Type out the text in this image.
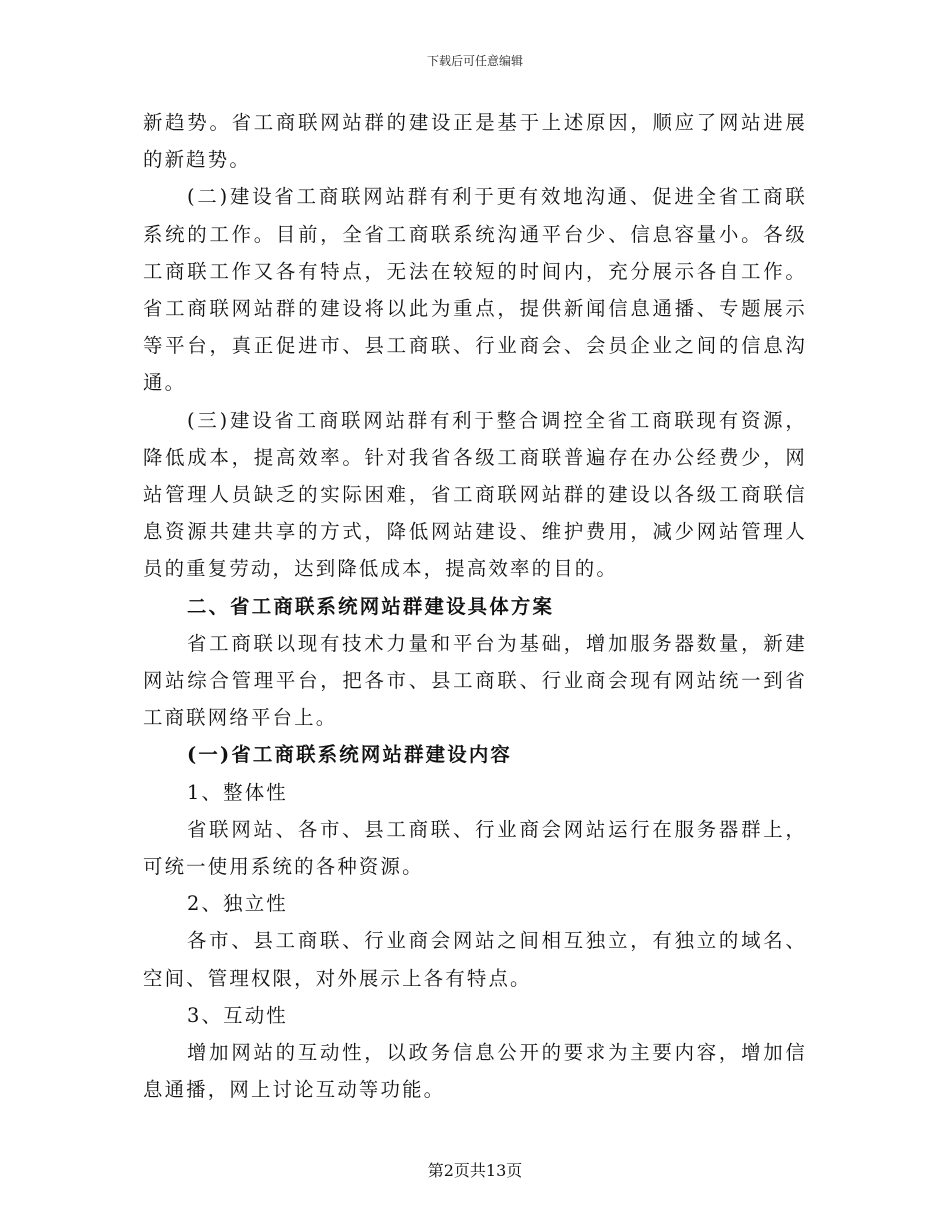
下载后可任意编辑

新趋势。省工商联网站群的建设正是基于上述原因，顺应了网站进展的新趋势。

(二)建设省工商联网站群有利于更有效地沟通、促进全省工商联系统的工作。目前，全省工商联系统沟通平台少、信息容量小。各级工商联工作又各有特点，无法在较短的时间内，充分展示各自工作。省工商联网站群的建设将以此为重点，提供新闻信息通播、专题展示等平台，真正促进市、县工商联、行业商会、会员企业之间的信息沟通。

(三)建设省工商联网站群有利于整合调控全省工商联现有资源，降低成本，提高效率。针对我省各级工商联普遍存在办公经费少，网站管理人员缺乏的实际困难，省工商联网站群的建设以各级工商联信息资源共建共享的方式，降低网站建设、维护费用，减少网站管理人员的重复劳动，达到降低成本，提高效率的目的。

二、省工商联系统网站群建设具体方案

省工商联以现有技术力量和平台为基础，增加服务器数量，新建网站综合管理平台，把各市、县工商联、行业商会现有网站统一到省工商联网络平台上。

(一)省工商联系统网站群建设内容

1、整体性

省联网站、各市、县工商联、行业商会网站运行在服务器群上，可统一使用系统的各种资源。

2、独立性

各市、县工商联、行业商会网站之间相互独立，有独立的域名、空间、管理权限，对外展示上各有特点。

3、互动性

增加网站的互动性，以政务信息公开的要求为主要内容，增加信息通播，网上讨论互动等功能。

第2页共13页
